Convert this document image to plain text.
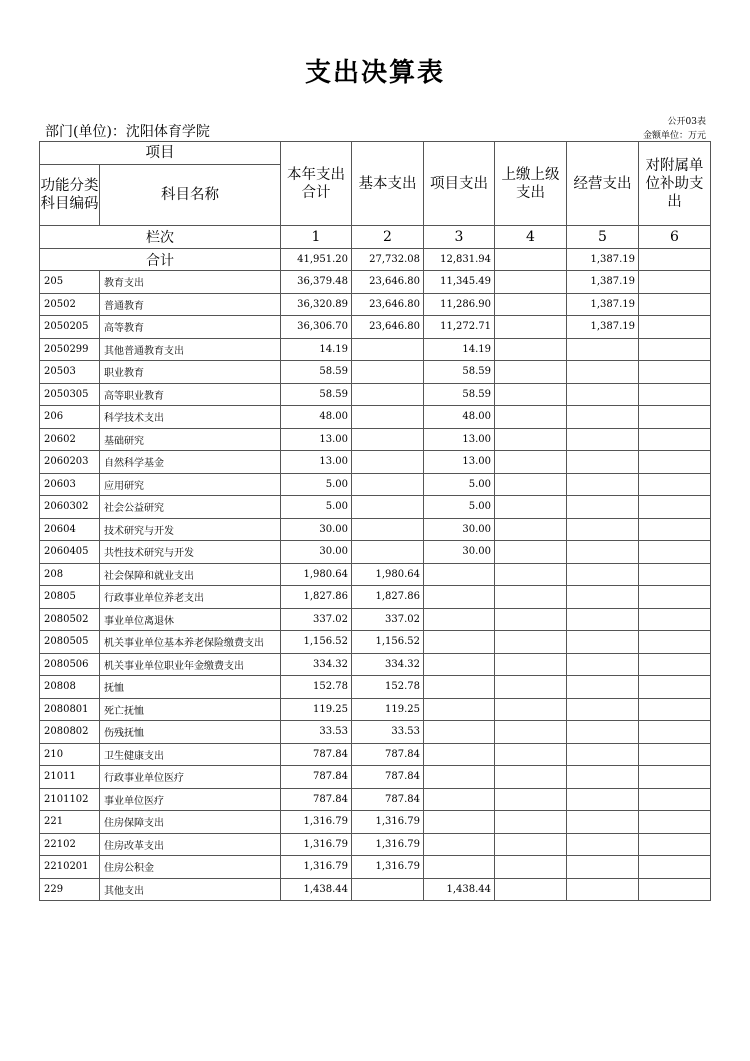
支出决算表
公开03表
金额单位：万元
部门(单位)：沈阳体育学院
项目		本年支出合计	基本支出	项目支出	上缴上级支出	经营支出	对附属单位补助支出
功能分类科目编码	科目名称						
栏次		1	2	3	4	5	6
合计		41,951.20	27,732.08	12,831.94		1,387.19	
205	教育支出	36,379.48	23,646.80	11,345.49		1,387.19	
20502	普通教育	36,320.89	23,646.80	11,286.90		1,387.19	
2050205	高等教育	36,306.70	23,646.80	11,272.71		1,387.19	
2050299	其他普通教育支出	14.19		14.19			
20503	职业教育	58.59		58.59			
2050305	高等职业教育	58.59		58.59			
206	科学技术支出	48.00		48.00			
20602	基础研究	13.00		13.00			
2060203	自然科学基金	13.00		13.00			
20603	应用研究	5.00		5.00			
2060302	社会公益研究	5.00		5.00			
20604	技术研究与开发	30.00		30.00			
2060405	共性技术研究与开发	30.00		30.00			
208	社会保障和就业支出	1,980.64	1,980.64				
20805	行政事业单位养老支出	1,827.86	1,827.86				
2080502	事业单位离退休	337.02	337.02				
2080505	机关事业单位基本养老保险缴费支出	1,156.52	1,156.52				
2080506	机关事业单位职业年金缴费支出	334.32	334.32				
20808	抚恤	152.78	152.78				
2080801	死亡抚恤	119.25	119.25				
2080802	伤残抚恤	33.53	33.53				
210	卫生健康支出	787.84	787.84				
21011	行政事业单位医疗	787.84	787.84				
2101102	事业单位医疗	787.84	787.84				
221	住房保障支出	1,316.79	1,316.79				
22102	住房改革支出	1,316.79	1,316.79				
2210201	住房公积金	1,316.79	1,316.79				
229	其他支出	1,438.44		1,438.44			
